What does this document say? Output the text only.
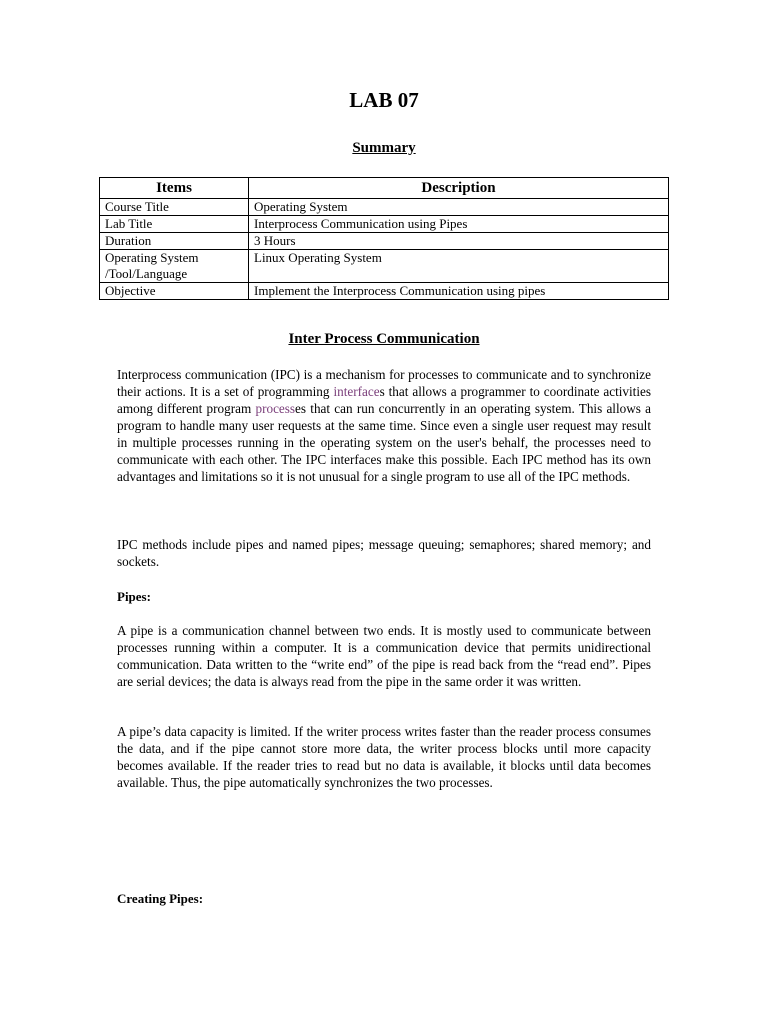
LAB 07
Summary
Items	Description
Course Title	Operating System
Lab Title	Interprocess Communication using Pipes
Duration	3 Hours
Operating System /Tool/Language	Linux Operating System
Objective	Implement the Interprocess Communication using pipes
Inter Process Communication

Interprocess communication (IPC) is a mechanism for processes to communicate and to synchronize their actions. It is a set of programming interfaces that allows a programmer to coordinate activities among different program processes that can run concurrently in an operating system. This allows a program to handle many user requests at the same time. Since even a single user request may result in multiple processes running in the operating system on the user's behalf, the processes need to communicate with each other. The IPC interfaces make this possible. Each IPC method has its own advantages and limitations so it is not unusual for a single program to use all of the IPC methods.

IPC methods include pipes and named pipes; message queuing; semaphores; shared memory; and sockets.

Pipes:

A pipe is a communication channel between two ends. It is mostly used to communicate between processes running within a computer. It is a communication device that permits unidirectional communication. Data written to the “write end” of the pipe is read back from the “read end”. Pipes are serial devices; the data is always read from the pipe in the same order it was written.

A pipe’s data capacity is limited. If the writer process writes faster than the reader process consumes the data, and if the pipe cannot store more data, the writer process blocks until more capacity becomes available. If the reader tries to read but no data is available, it blocks until data becomes available. Thus, the pipe automatically synchronizes the two processes.

Creating Pipes:
